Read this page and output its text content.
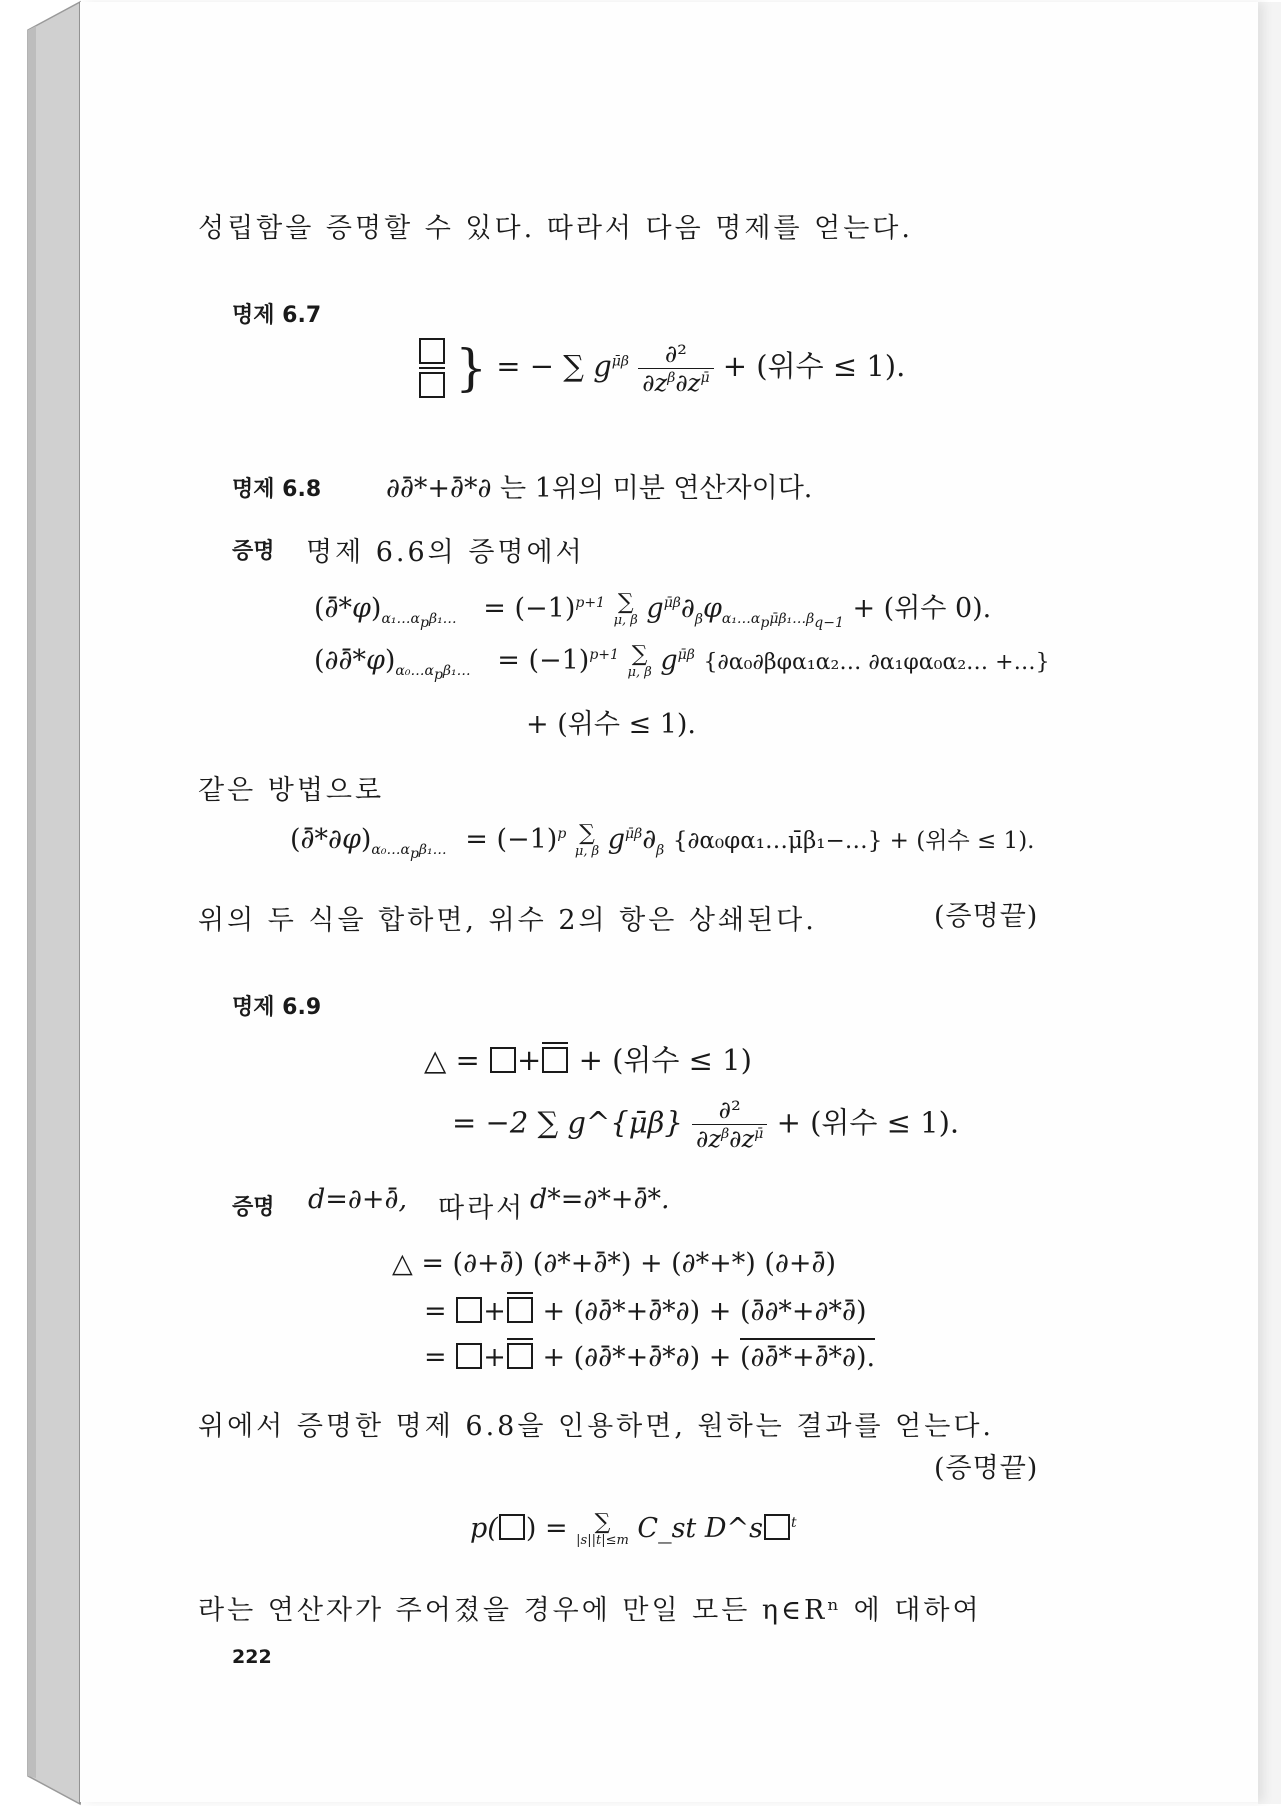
성립함을 증명할 수 있다. 따라서 다음 명제를 얻는다.
명제 6.7
} = − ∑ $g^{\mū\beta} \frac{\text{∂²}}{\partial z^\beta\partial z^{\mū}}$ + (위수 ≤ 1).
명제 6.8 ∂∂̄*+∂̄*∂ 는 1위의 미분 연산자이다.
증명 명제 6.6의 증명에서
$(\partial̄*\varphi)_{\alpha_1\dots\alpha_p\beta_1\dots} = (-1)^{p+1}$ ∑
μ, β $g^{\mū\beta}\partial_\beta\varphi_{\alpha_1\dots\alpha_p\mū\beta_1\dots\beta_{q-1}}$ + (위수 0).
$(\partial\partial̄*\varphi)_{\alpha_0\dots\alpha_p\beta_1\dots} = (-1)^{p+1}$ ∑
μ, β $g^{\mū\beta}$ {∂α₀∂βφα₁α₂… ∂α₁φα₀α₂… +…}
+ (위수 ≤ 1).
같은 방법으로
$(\partial̄*\partial\varphi)_{\alpha_0\dots\alpha_p\beta_1\dots} = (-1)^p$ ∑
μ, β $g^{\mū\beta}\partial_\beta$ {∂α₀φα₁…μ̄β₁−…} + (위수 ≤ 1).
위의 두 식을 합하면, 위수 2의 항은 상쇄된다.	(증명끝)
명제 6.9
△ = + + (위수 ≤ 1)
= −2 ∑ g^{μ̄β} $\frac{\text{∂²}}{\partial z^\beta\partial z^{\mū}}$ + (위수 ≤ 1).
증명 d=∂+∂̄, 따라서 d*=∂*+∂̄*.
△ = (∂+∂̄) (∂*+∂̄*) + (∂*+*) (∂+∂̄)
= + + (∂∂̄*+∂̄*∂) + (∂̄∂*+∂*∂̄)
= + + (∂∂̄*+∂̄*∂) + (∂∂̄*+∂̄*∂).
위에서 증명한 명제 6.8을 인용하면, 원하는 결과를 얻는다.
(증명끝)
p( ) =	∑
|s||t|≤m C_st D^s $^t$
라는 연산자가 주어졌을 경우에 만일 모든 η∈Rⁿ 에 대하여
222
